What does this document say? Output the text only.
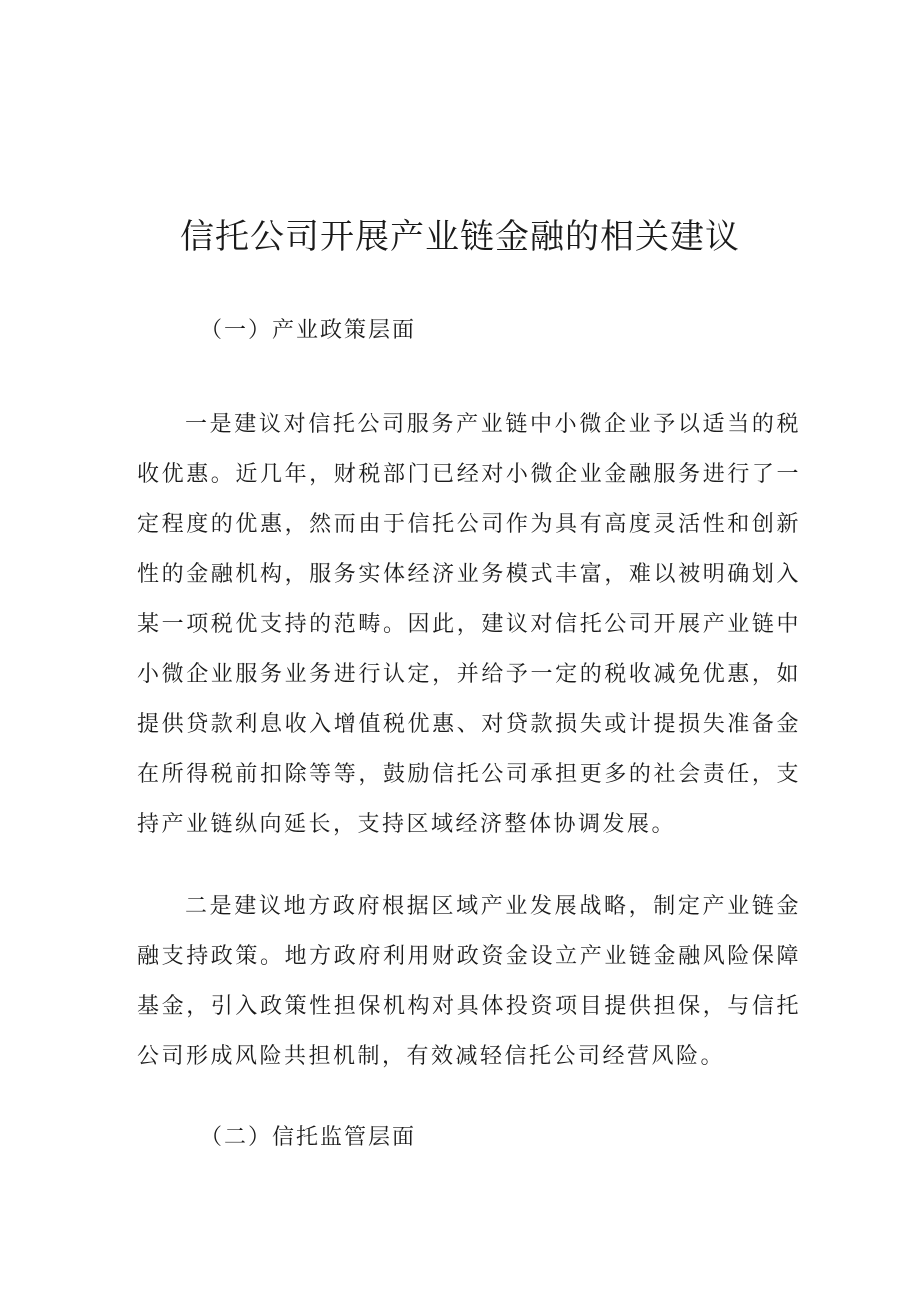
信托公司开展产业链金融的相关建议

（一）产业政策层面

一是建议对信托公司服务产业链中小微企业予以适当的税收优惠。近几年，财税部门已经对小微企业金融服务进行了一定程度的优惠，然而由于信托公司作为具有高度灵活性和创新性的金融机构，服务实体经济业务模式丰富，难以被明确划入某一项税优支持的范畴。因此，建议对信托公司开展产业链中小微企业服务业务进行认定，并给予一定的税收减免优惠，如提供贷款利息收入增值税优惠、对贷款损失或计提损失准备金在所得税前扣除等等，鼓励信托公司承担更多的社会责任，支持产业链纵向延长，支持区域经济整体协调发展。

二是建议地方政府根据区域产业发展战略，制定产业链金融支持政策。地方政府利用财政资金设立产业链金融风险保障基金，引入政策性担保机构对具体投资项目提供担保，与信托公司形成风险共担机制，有效减轻信托公司经营风险。

（二）信托监管层面
